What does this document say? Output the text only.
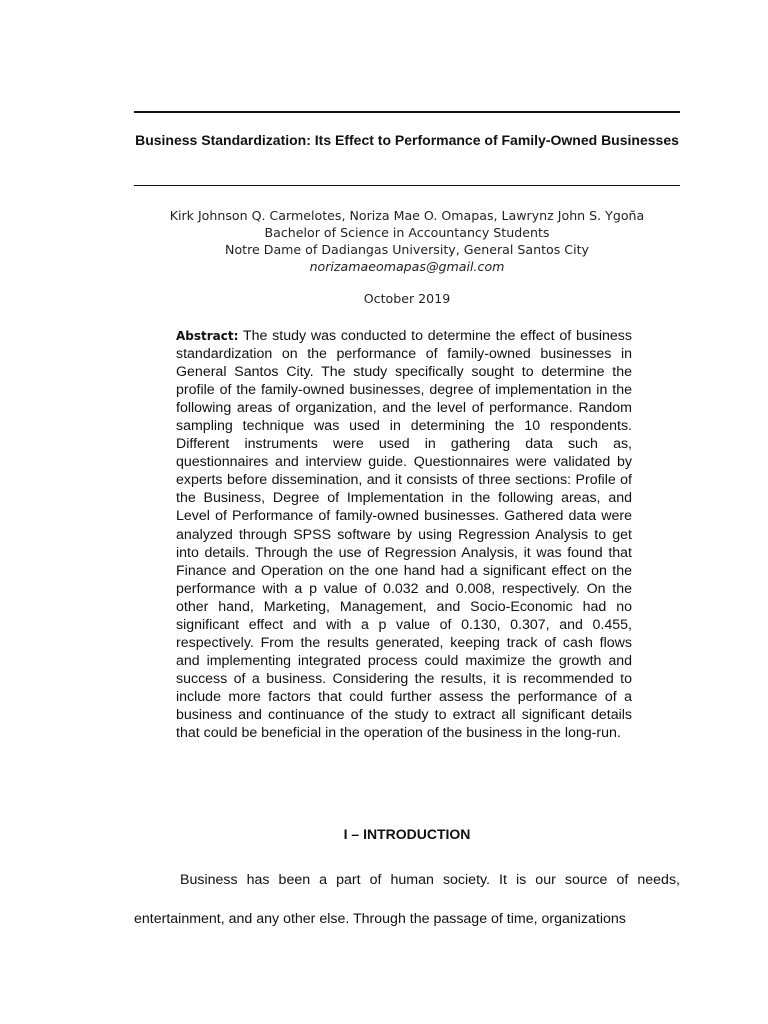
Business Standardization: Its Effect to Performance of Family-Owned Businesses
Kirk Johnson Q. Carmelotes, Noriza Mae O. Omapas, Lawrynz John S. Ygoña
Bachelor of Science in Accountancy Students
Notre Dame of Dadiangas University, General Santos City
norizamaeomapas@gmail.com
October 2019
Abstract: The study was conducted to determine the effect of business standardization on the performance of family-owned businesses in General Santos City. The study specifically sought to determine the profile of the family-owned businesses, degree of implementation in the following areas of organization, and the level of performance. Random sampling technique was used in determining the 10 respondents. Different instruments were used in gathering data such as, questionnaires and interview guide. Questionnaires were validated by experts before dissemination, and it consists of three sections: Profile of the Business, Degree of Implementation in the following areas, and Level of Performance of family-owned businesses. Gathered data were analyzed through SPSS software by using Regression Analysis to get into details. Through the use of Regression Analysis, it was found that Finance and Operation on the one hand had a significant effect on the performance with a p value of 0.032 and 0.008, respectively. On the other hand, Marketing, Management, and Socio-Economic had no significant effect and with a p value of 0.130, 0.307, and 0.455, respectively. From the results generated, keeping track of cash flows and implementing integrated process could maximize the growth and success of a business. Considering the results, it is recommended to include more factors that could further assess the performance of a business and continuance of the study to extract all significant details that could be beneficial in the operation of the business in the long-run.
I – INTRODUCTION
Business has been a part of human society. It is our source of needs, entertainment, and any other else. Through the passage of time, organizations
